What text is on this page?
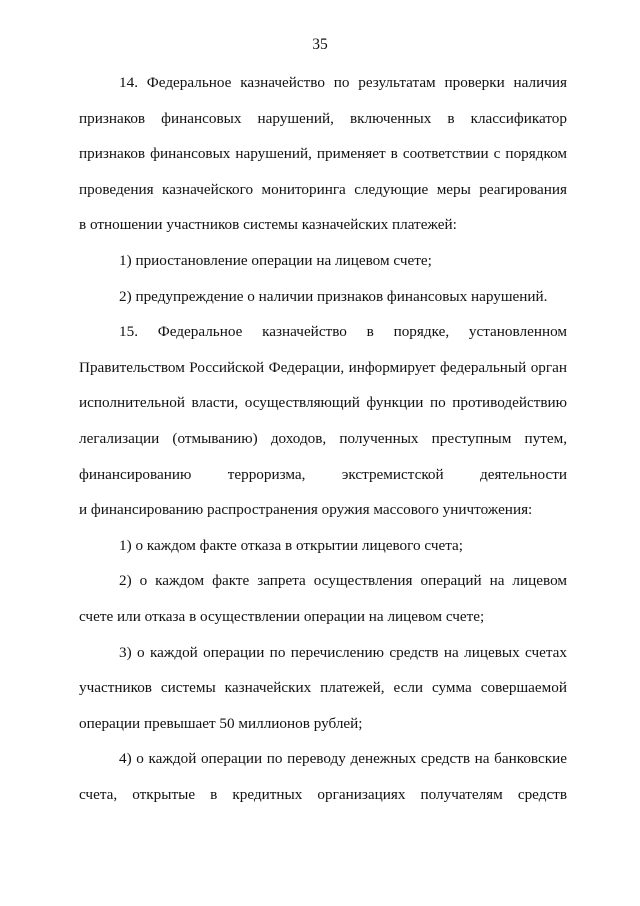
35

14. Федеральное казначейство по результатам проверки наличия

признаков финансовых нарушений, включенных в классификатор

признаков финансовых нарушений, применяет в соответствии с порядком

проведения казначейского мониторинга следующие меры реагирования

в отношении участников системы казначейских платежей:

1) приостановление операции на лицевом счете;

2) предупреждение о наличии признаков финансовых нарушений.

15. Федеральное казначейство в порядке, установленном

Правительством Российской Федерации, информирует федеральный орган

исполнительной власти, осуществляющий функции по противодействию

легализации (отмыванию) доходов, полученных преступным путем,

финансированию терроризма, экстремистской деятельности

и финансированию распространения оружия массового уничтожения:

1) о каждом факте отказа в открытии лицевого счета;

2) о каждом факте запрета осуществления операций на лицевом

счете или отказа в осуществлении операции на лицевом счете;

3) о каждой операции по перечислению средств на лицевых счетах

участников системы казначейских платежей, если сумма совершаемой

операции превышает 50 миллионов рублей;

4) о каждой операции по переводу денежных средств на банковские

счета, открытые в кредитных организациях получателям средств
